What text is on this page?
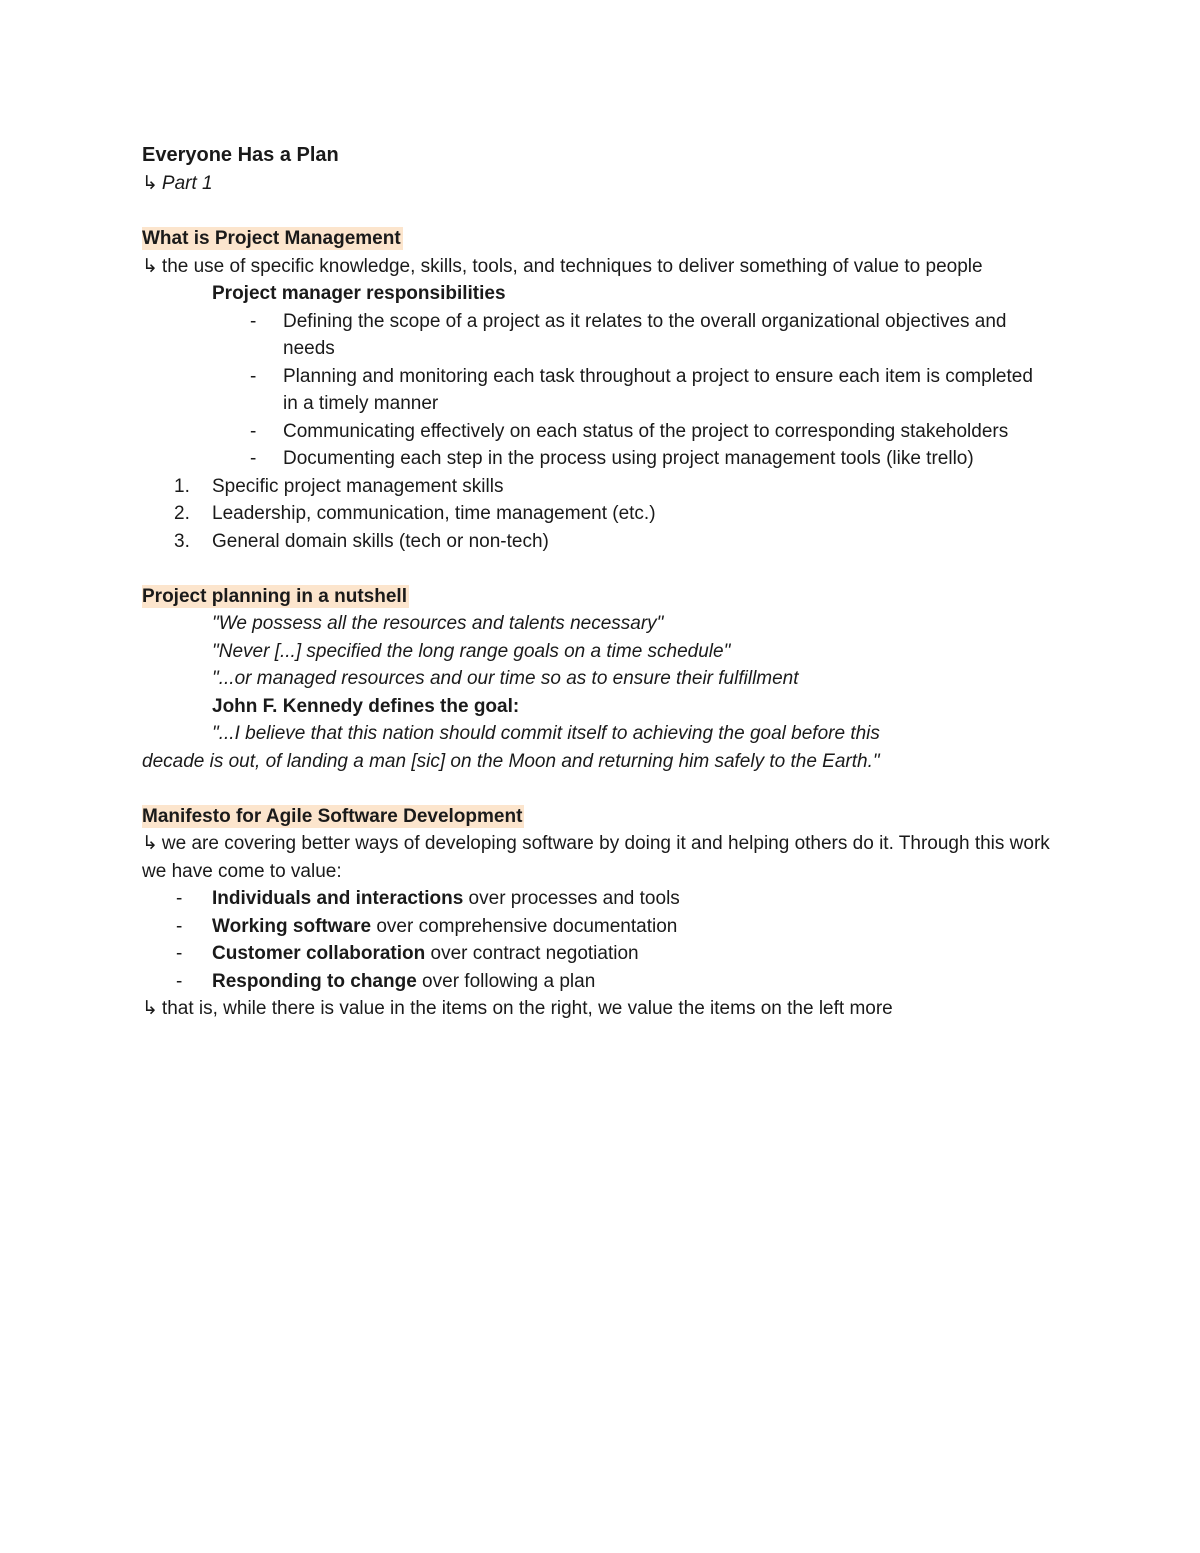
Everyone Has a Plan
↳ Part 1
What is Project Management
↳ the use of specific knowledge, skills, tools, and techniques to deliver something of value to people
Project manager responsibilities
- Defining the scope of a project as it relates to the overall organizational objectives and needs
- Planning and monitoring each task throughout a project to ensure each item is completed in a timely manner
- Communicating effectively on each status of the project to corresponding stakeholders
- Documenting each step in the process using project management tools (like trello)
1. Specific project management skills
2. Leadership, communication, time management (etc.)
3. General domain skills (tech or non-tech)
Project planning in a nutshell
"We possess all the resources and talents necessary"
"Never [...] specified the long range goals on a time schedule"
"...or managed resources and our time so as to ensure their fulfillment
John F. Kennedy defines the goal:
"...I believe that this nation should commit itself to achieving the goal before this
decade is out, of landing a man [sic] on the Moon and returning him safely to the Earth."
Manifesto for Agile Software Development
↳ we are covering better ways of developing software by doing it and helping others do it. Through this work we have come to value:
- Individuals and interactions over processes and tools
- Working software over comprehensive documentation
- Customer collaboration over contract negotiation
- Responding to change over following a plan
↳ that is, while there is value in the items on the right, we value the items on the left more
